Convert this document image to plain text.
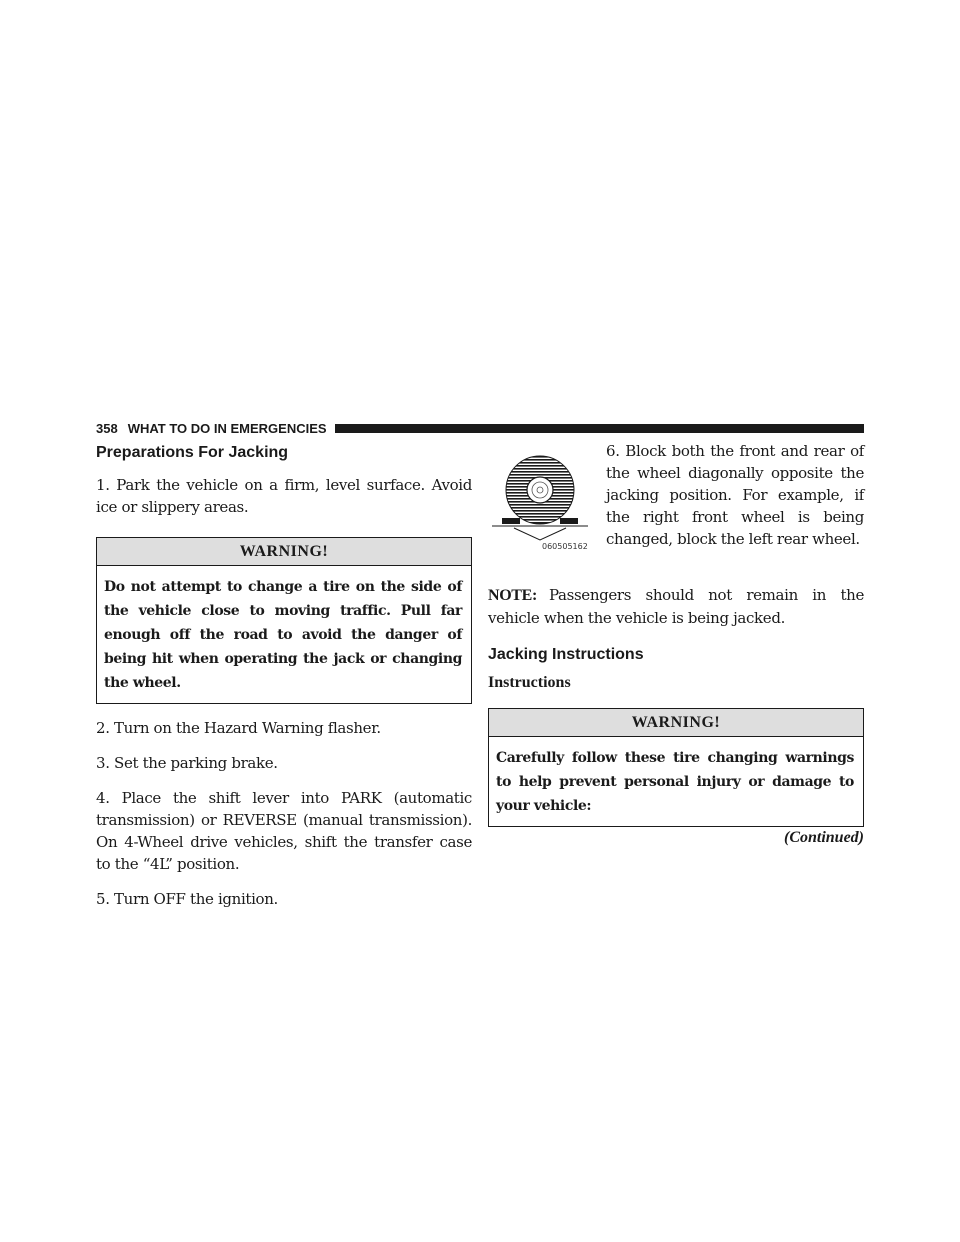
358 WHAT TO DO IN EMERGENCIES
Preparations For Jacking

1. Park the vehicle on a firm, level surface. Avoid ice or slippery areas.

WARNING!
Do not attempt to change a tire on the side of the vehicle close to moving traffic. Pull far enough off the road to avoid the danger of being hit when operating the jack or changing the wheel.

2. Turn on the Hazard Warning flasher.

3. Set the parking brake.

4. Place the shift lever into PARK (automatic transmission) or REVERSE (manual transmission). On 4-Wheel drive vehicles, shift the transfer case to the “4L” position.

5. Turn OFF the ignition.

060505162

6. Block both the front and rear of the wheel diagonally opposite the jacking position. For example, if the right front wheel is being changed, block the left rear wheel.

NOTE: Passengers should not remain in the vehicle when the vehicle is being jacked.

Jacking Instructions
Instructions
WARNING!
Carefully follow these tire changing warnings to help prevent personal injury or damage to your vehicle:
(Continued)
